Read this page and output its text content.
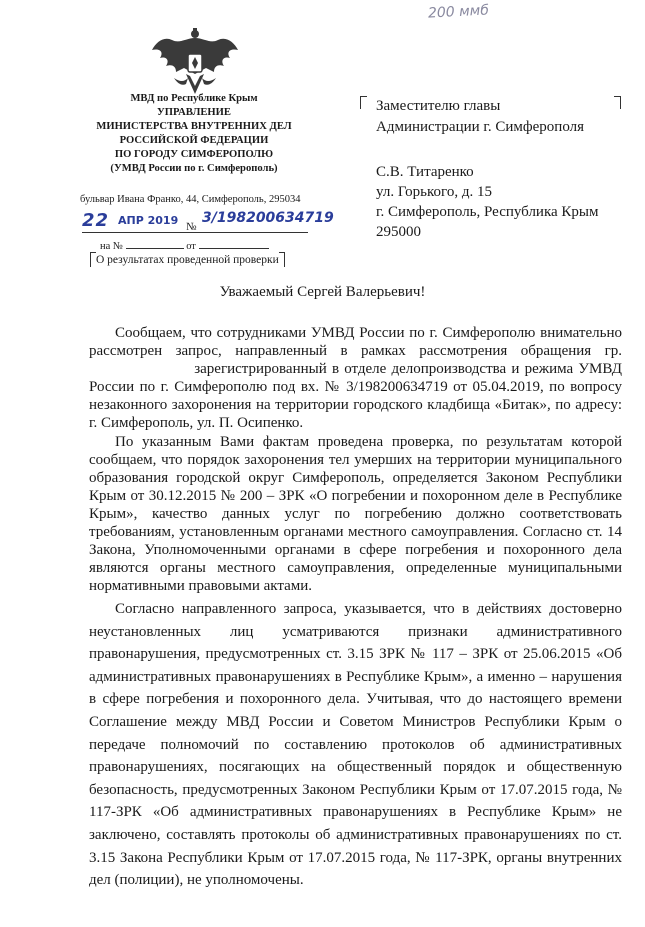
200 ммб
МВД по Республике Крым
УПРАВЛЕНИЕ
МИНИСТЕРСТВА ВНУТРЕННИХ ДЕЛ
РОССИЙСКОЙ ФЕДЕРАЦИИ
ПО ГОРОДУ СИМФЕРОПОЛЮ
(УМВД России по г. Симферополь)
бульвар Ивана Франко, 44, Симферополь, 295034
22 АПР 2019 №
3/198200634719
на №	от
О результатах проведенной проверки
Заместителю главы
Администрации г. Симферополя
С.В. Титаренко
ул. Горького, д. 15
г. Симферополь, Республика Крым
295000
Уважаемый Сергей Валерьевич!
Сообщаем, что сотрудниками УМВД России по г. Симферополю внимательно рассмотрен запрос, направленный в рамках рассмотрения обращения гр.  зарегистрированный в отделе делопроизводства и режима УМВД России по г. Симферополю под вх. № 3/198200634719 от 05.04.2019, по вопросу незаконного захоронения на территории городского кладбища «Битак», по адресу: г. Симферополь, ул. П. Осипенко.
По указанным Вами фактам проведена проверка, по результатам которой сообщаем, что порядок захоронения тел умерших на территории муниципального образования городской округ Симферополь, определяется Законом Республики Крым от 30.12.2015 № 200 – ЗРК «О погребении и похоронном деле в Республике Крым», качество данных услуг по погребению должно соответствовать требованиям, установленным органами местного самоуправления. Согласно ст. 14 Закона, Уполномоченными органами в сфере погребения и похоронного дела являются органы местного самоуправления, определенные муниципальными нормативными правовыми актами.
Согласно направленного запроса, указывается, что в действиях достоверно неустановленных лиц усматриваются признаки административного правонарушения, предусмотренных ст. 3.15 ЗРК № 117 – ЗРК от 25.06.2015 «Об административных правонарушениях в Республике Крым», а именно – нарушения в сфере погребения и похоронного дела. Учитывая, что до настоящего времени Соглашение между МВД России и Советом Министров Республики Крым о передаче полномочий по составлению протоколов об административных правонарушениях, посягающих на общественный порядок и общественную безопасность, предусмотренных Законом Республики Крым от 17.07.2015 года, № 117-ЗРК «Об административных правонарушениях в Республике Крым» не заключено, составлять протоколы об административных правонарушениях по ст. 3.15 Закона Республики Крым от 17.07.2015 года, № 117-ЗРК, органы внутренних дел (полиции), не уполномочены.
